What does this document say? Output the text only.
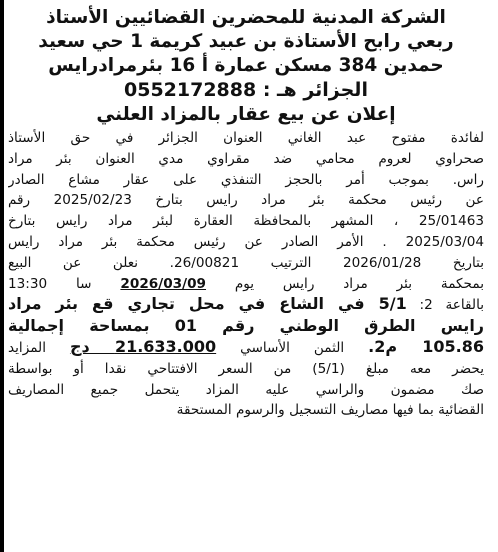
الشركة المدنية للمحضرين القضائيين الأستاذ
ربعي رابح الأستاذة بن عبيد كريمة 1 حي سعيد
حمدين 384 مسكن عمارة أ 16 بئرمرادرايس
الجزائر هـ : 0552172888
إعلان عن بيع عقار بالمزاد العلني
لفائدة مفتوح عبد الغاني العنوان الجزائر في حق الأستاذ
صحراوي لعروم محامي ضد مقراوي مدي العنوان بئر مراد
راس. بموجب أمر بالحجز التنفذي على عقار مشاع الصادر
عن رئيس محكمة بئر مراد رايس بتارخ 2025/02/23 رقم
25/01463 ، المشهر بالمحافظة العقارة لبئر مراد رايس بتارخ
2025/03/04 . الأمر الصادر عن رئيس محكمة بئر مراد رايس
بتاريخ 2026/01/28 الترتيب 26/00821. نعلن عن البيع
بمحكمة بئر مراد رايس يوم 2026/03/09 سا 13:30
بالقاعة 2: 5/1 في الشاع في محل تجاري قع بئر مراد
رايس الطرق الوطني رقم 01 بمساحة إجمالية
105.86 م2. الثمن الأساسي 21.633.000 دج المزايد
يحضر معه مبلغ (5/1) من السعر الافتتاحي نقدا أو بواسطة
صك مضمون والراسي عليه المزاد يتحمل جميع المصاريف
القضائية بما فيها مصاريف التسجيل والرسوم المستحقة
